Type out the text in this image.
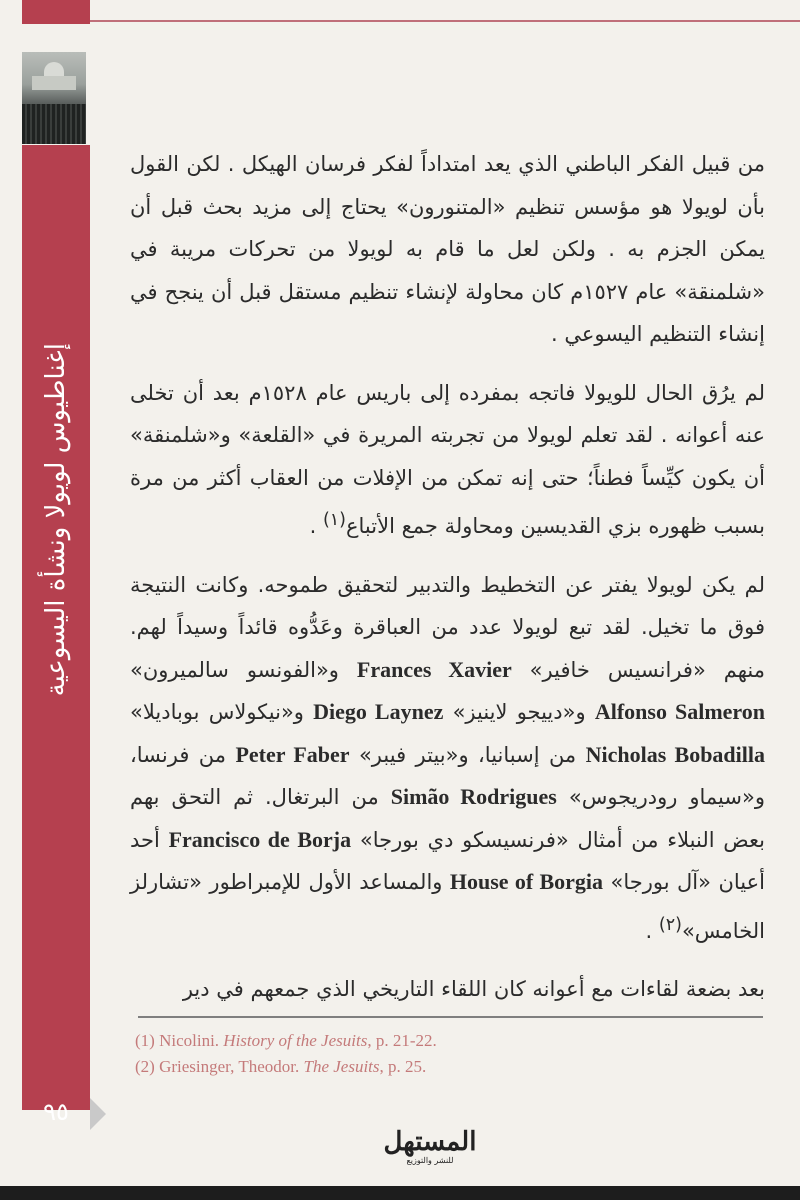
إغناطيوس لويولا ونشأة اليسوعية
٩٥

من قبيل الفكر الباطني الذي يعد امتداداً لفكر فرسان الهيكل . لكن القول بأن لويولا هو مؤسس تنظيم «المتنورون» يحتاج إلى مزيد بحث قبل أن يمكن الجزم به . ولكن لعل ما قام به لويولا من تحركات مريبة في «شلمنقة» عام ١٥٢٧م كان محاولة لإنشاء تنظيم مستقل قبل أن ينجح في إنشاء التنظيم اليسوعي .

لم يرُق الحال للويولا فاتجه بمفرده إلى باريس عام ١٥٢٨م بعد أن تخلى عنه أعوانه . لقد تعلم لويولا من تجربته المريرة في «القلعة» و«شلمنقة» أن يكون كيِّساً فطناً؛ حتى إنه تمكن من الإفلات من العقاب أكثر من مرة بسبب ظهوره بزي القديسين ومحاولة جمع الأتباع$^{(١)}$ .

لم يكن لويولا يفتر عن التخطيط والتدبير لتحقيق طموحه. وكانت النتيجة فوق ما تخيل. لقد تبع لويولا عدد من العباقرة وعَدُّوه قائداً وسيداً لهم. منهم «فرانسيس خافير» Frances Xavier و«الفونسو سالميرون» Alfonso Salmeron و«دييجو لاينيز» Diego Laynez و«نيكولاس بوباديلا» Nicholas Bobadilla من إسبانيا، و«بيتر فيبر» Peter Faber من فرنسا، و«سيماو رودريجوس» Simão Rodrigues من البرتغال. ثم التحق بهم بعض النبلاء من أمثال «فرنسيسكو دي بورجا» Francisco de Borja أحد أعيان «آل بورجا» House of Borgia والمساعد الأول للإمبراطور «تشارلز الخامس»$^{(٢)}$ .

بعد بضعة لقاءات مع أعوانه كان اللقاء التاريخي الذي جمعهم في دير

(1) Nicolini. History of the Jesuits, p. 21-22.
(2) Griesinger, Theodor. The Jesuits, p. 25.
المستهل
للنشر والتوزيع
